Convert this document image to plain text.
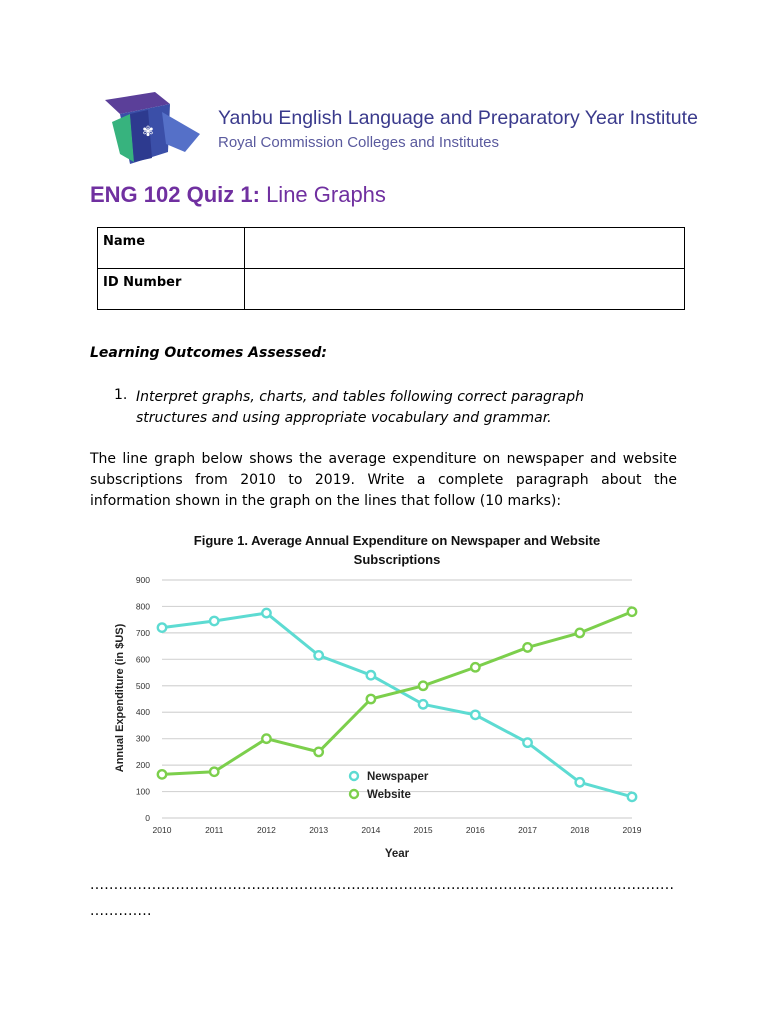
✾
Yanbu English Language and Preparatory Year Institute
Royal Commission Colleges and Institutes
ENG 102 Quiz 1: Line Graphs
Name	
ID Number	
Learning Outcomes Assessed:
1. Interpret graphs, charts, and tables following correct paragraph structures and using appropriate vocabulary and grammar.
The line graph below shows the average expenditure on newspaper and website subscriptions from 2010 to 2019. Write a complete paragraph about the information shown in the graph on the lines that follow (10 marks):
Figure 1. Average Annual Expenditure on Newspaper and Website
Subscriptions
0
100
200
300
400
500
600
700
800
900
2010	2011	2012	2013	2014	2015	2016	2017	2018	2019
Newspaper
Website
Year
Annual Expenditure (in $US)
...........................................................................................................................
.............
